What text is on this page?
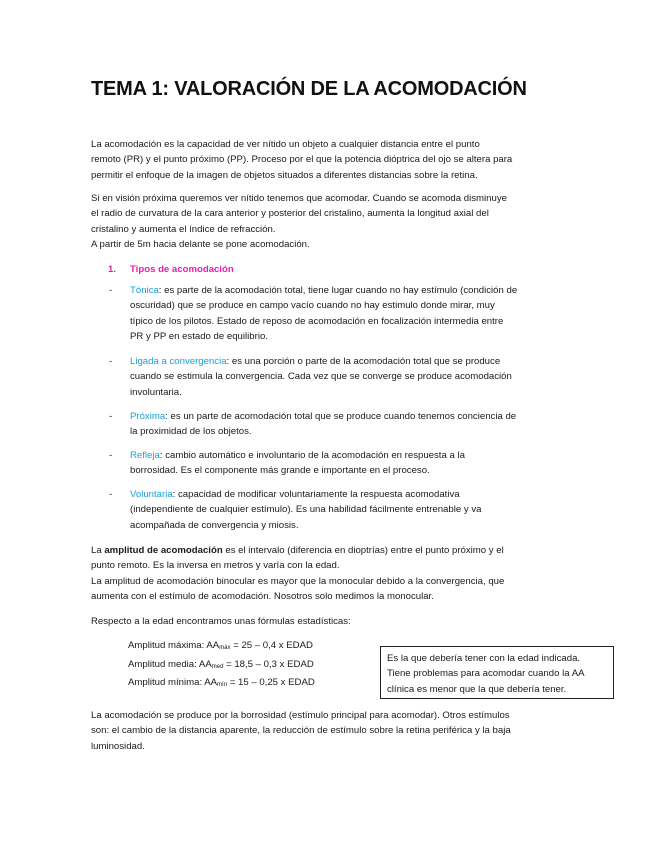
TEMA 1: VALORACIÓN DE LA ACOMODACIÓN
La acomodación es la capacidad de ver nítido un objeto a cualquier distancia entre el punto
remoto (PR) y el punto próximo (PP). Proceso por el que la potencia dióptrica del ojo se altera para
permitir el enfoque de la imagen de objetos situados a diferentes distancias sobre la retina.
Si en visión próxima queremos ver nítido tenemos que acomodar. Cuando se acomoda disminuye
el radio de curvatura de la cara anterior y posterior del cristalino, aumenta la longitud axial del
cristalino y aumenta el índice de refracción.
A partir de 5m hacia delante se pone acomodación.
1. Tipos de acomodación
- Tónica: es parte de la acomodación total, tiene lugar cuando no hay estímulo (condición de
oscuridad) que se produce en campo vacío cuando no hay estimulo donde mirar, muy
típico de los pilotos. Estado de reposo de acomodación en focalización intermedia entre
PR y PP en estado de equilibrio.
- Ligada a convergencia: es una porción o parte de la acomodación total que se produce
cuando se estimula la convergencia. Cada vez que se converge se produce acomodación
involuntaria.
- Próxima: es un parte de acomodación total que se produce cuando tenemos conciencia de
la proximidad de los objetos.
- Refleja: cambio automático e involuntario de la acomodación en respuesta a la
borrosidad. Es el componente más grande e importante en el proceso.
- Voluntaria: capacidad de modificar voluntariamente la respuesta acomodativa
(independiente de cualquier estímulo). Es una habilidad fácilmente entrenable y va
acompañada de convergencia y miosis.
La amplitud de acomodación es el intervalo (diferencia en dioptrías) entre el punto próximo y el
punto remoto. Es la inversa en metros y varía con la edad.
La amplitud de acomodación binocular es mayor que la monocular debido a la convergencia, que
aumenta con el estímulo de acomodación. Nosotros solo medimos la monocular.
Respecto a la edad encontramos unas fórmulas estadísticas:
Amplitud máxima: $AA_{máx} = 25 - 0,4$ x EDAD
Amplitud media: $AA_{med} = 18,5 - 0,3$ x EDAD
Amplitud mínima: $AA_{mín} = 15 - 0,25$ x EDAD
Es la que debería tener con la edad indicada.
Tiene problemas para acomodar cuando la AA
clínica es menor que la que debería tener.
La acomodación se produce por la borrosidad (estímulo principal para acomodar). Otros estímulos
son: el cambio de la distancia aparente, la reducción de estímulo sobre la retina periférica y la baja
luminosidad.
